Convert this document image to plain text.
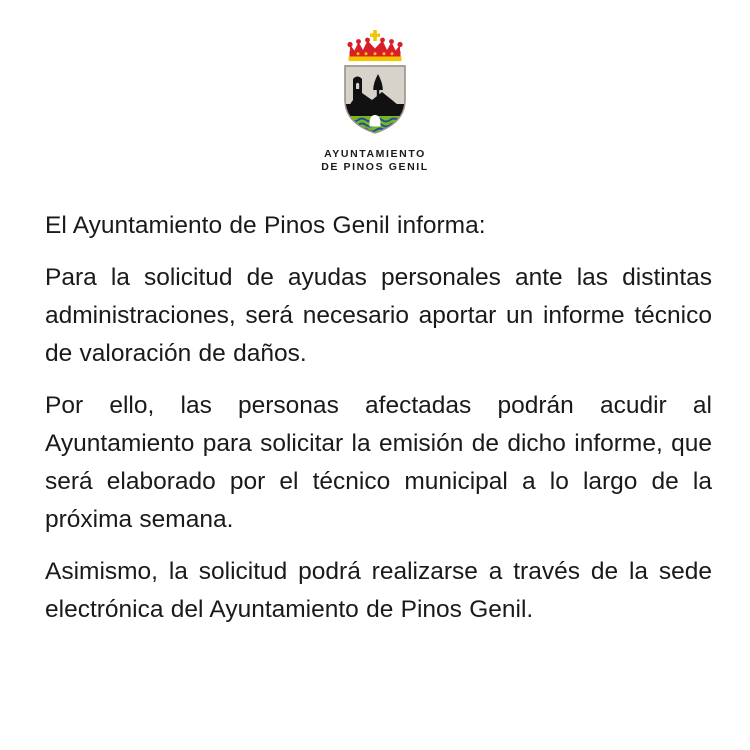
AYUNTAMIENTO
DE PINOS GENIL

El Ayuntamiento de Pinos Genil informa:

Para la solicitud de ayudas personales ante las distintas administraciones, será necesario aportar un informe técnico de valoración de daños.

Por ello, las personas afectadas podrán acudir al Ayuntamiento para solicitar la emisión de dicho informe, que será elaborado por el técnico municipal a lo largo de la próxima semana.

Asimismo, la solicitud podrá realizarse a través de la sede electrónica del Ayuntamiento de Pinos Genil.
